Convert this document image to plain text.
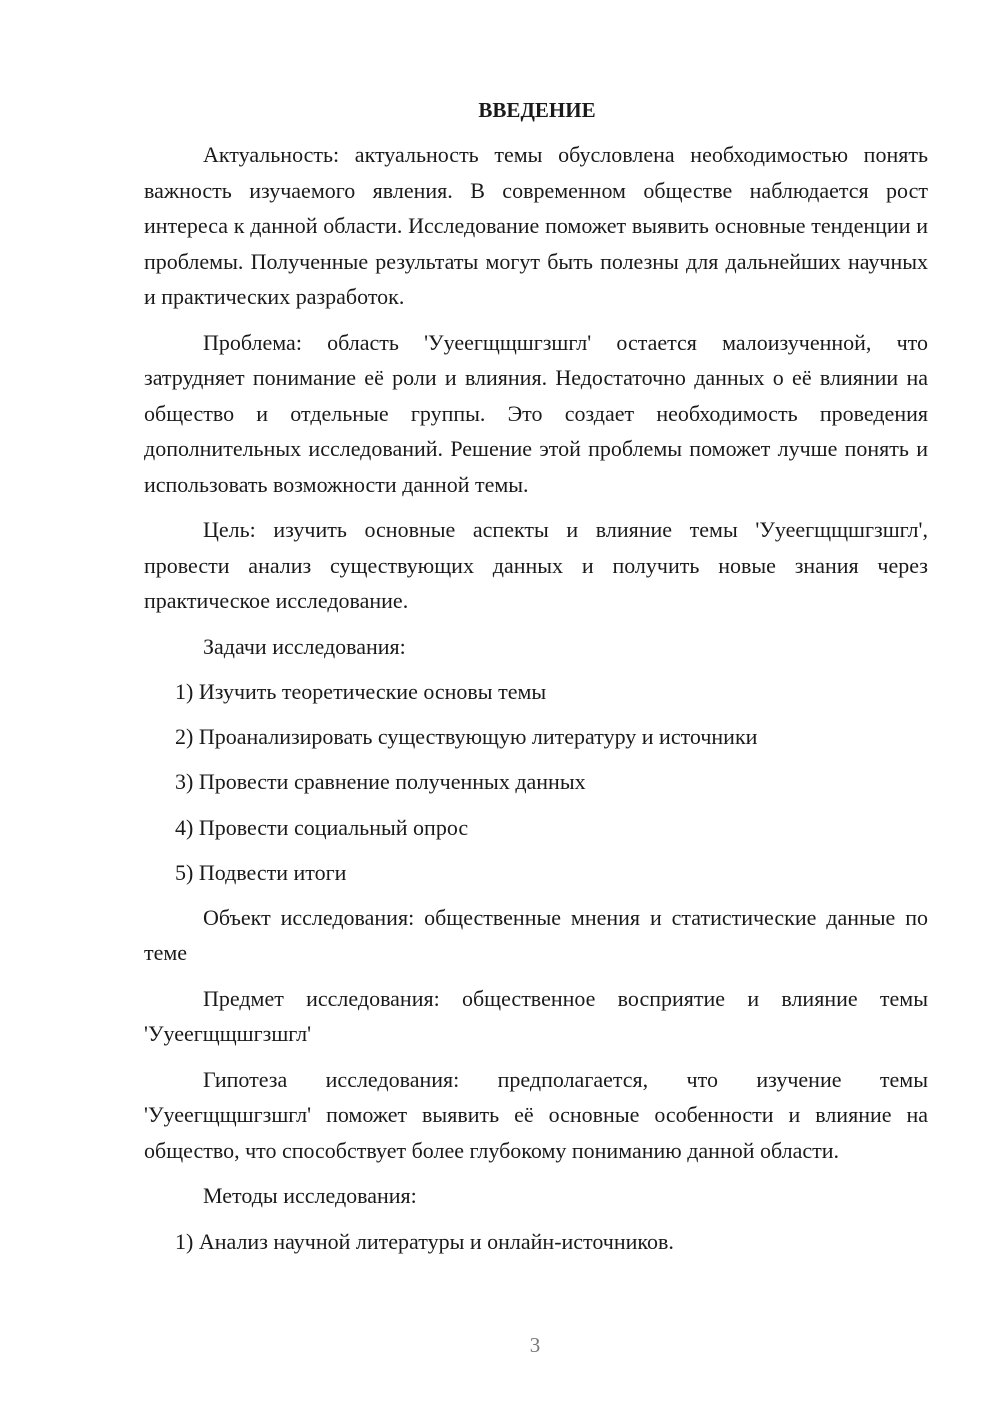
ВВЕДЕНИЕ

Актуальность: актуальность темы обусловлена необходимостью понять важность изучаемого явления. В современном обществе наблюдается рост интереса к данной области. Исследование поможет выявить основные тенденции и проблемы. Полученные результаты могут быть полезны для дальнейших научных и практических разработок.

Проблема: область 'Ууеегщщшгзшгл' остается малоизученной, что затрудняет понимание её роли и влияния. Недостаточно данных о её влиянии на общество и отдельные группы. Это создает необходимость проведения дополнительных исследований. Решение этой проблемы поможет лучше понять и использовать возможности данной темы.

Цель: изучить основные аспекты и влияние темы 'Ууеегщщшгзшгл', провести анализ существующих данных и получить новые знания через практическое исследование.

Задачи исследования:

1) Изучить теоретические основы темы

2) Проанализировать существующую литературу и источники

3) Провести сравнение полученных данных

4) Провести социальный опрос

5) Подвести итоги

Объект исследования: общественные мнения и статистические данные по теме

Предмет исследования: общественное восприятие и влияние темы 'Ууеегщщшгзшгл'

Гипотеза исследования: предполагается, что изучение темы 'Ууеегщщшгзшгл' поможет выявить её основные особенности и влияние на общество, что способствует более глубокому пониманию данной области.

Методы исследования:

1) Анализ научной литературы и онлайн-источников.

3
